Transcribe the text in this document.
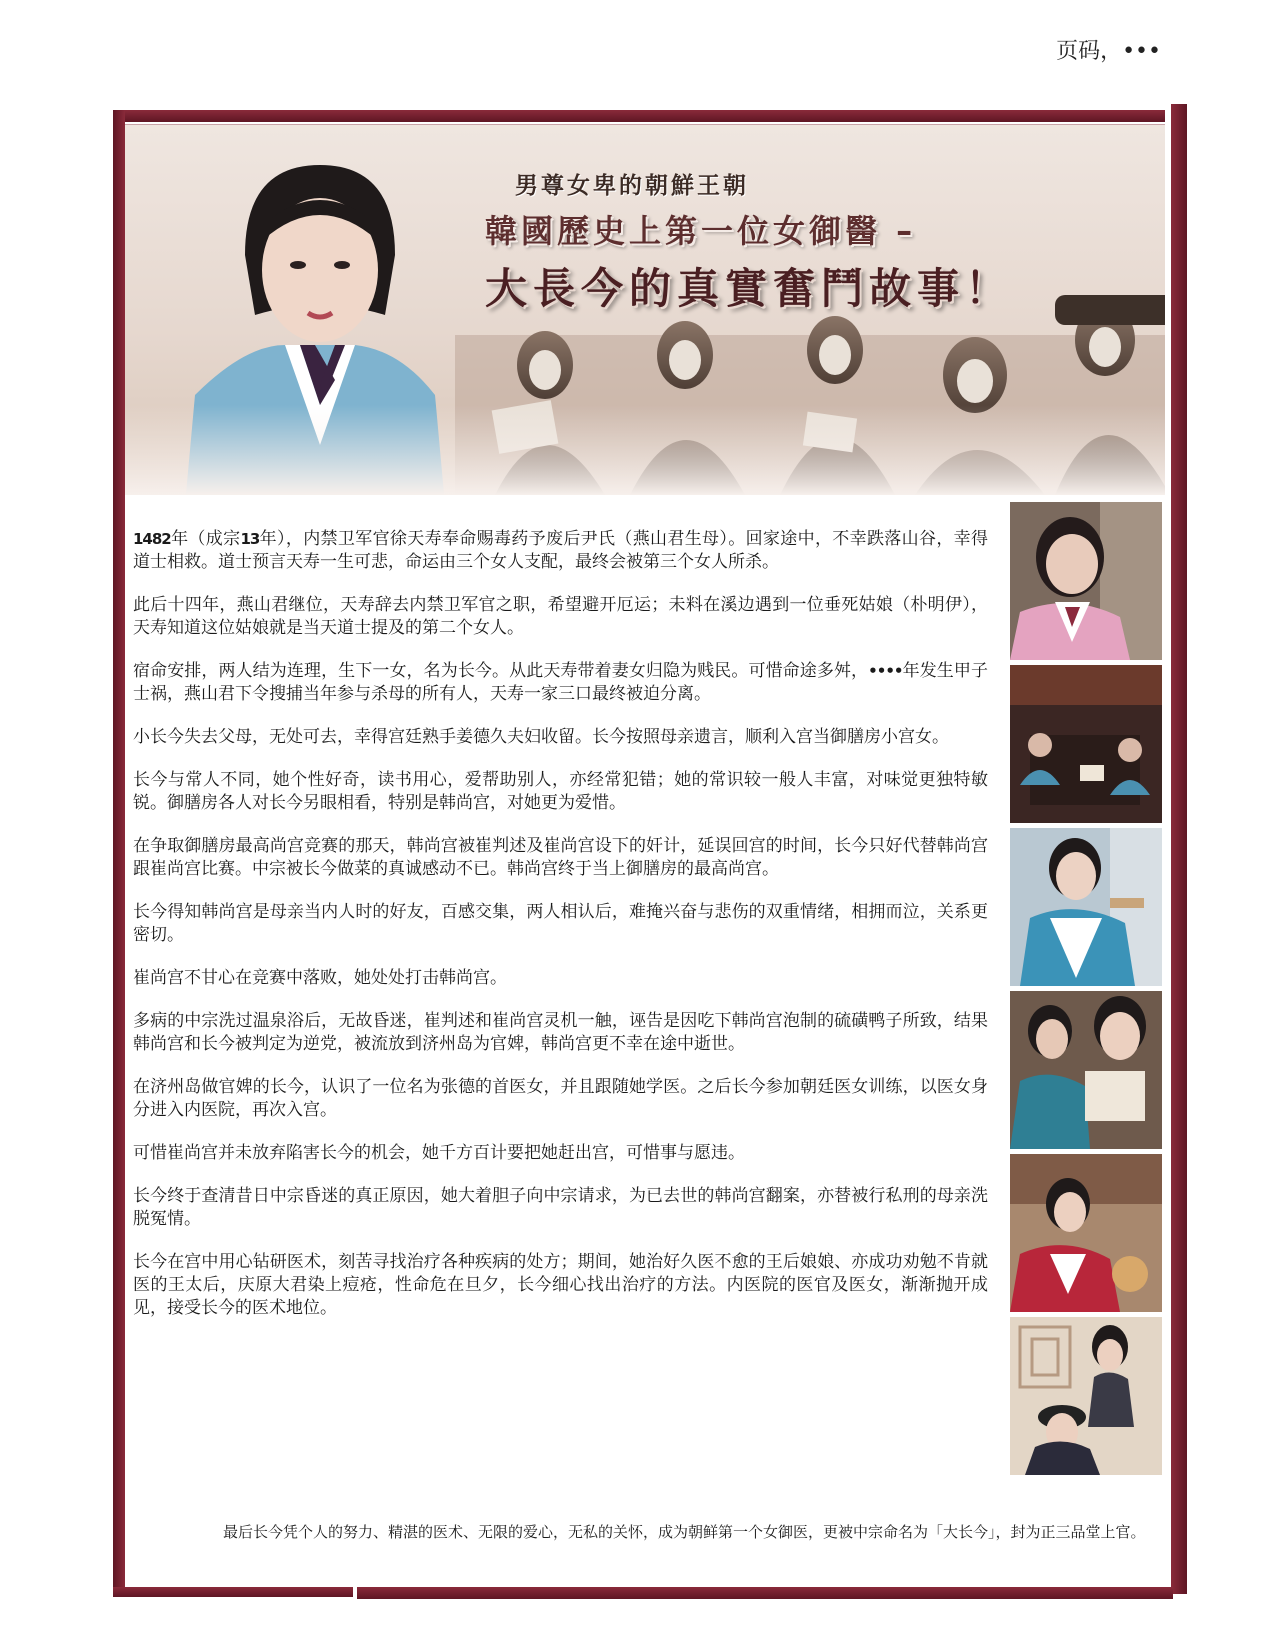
页码，•••
男尊女卑的朝鮮王朝
韓國歷史上第一位女御醫 –
大長今的真實奮鬥故事！

1482年（成宗13年），内禁卫军官徐天寿奉命赐毒药予废后尹氏（燕山君生母）。回家途中，不幸跌落山谷，幸得道士相救。道士预言天寿一生可悲，命运由三个女人支配，最终会被第三个女人所杀。

此后十四年，燕山君继位，天寿辞去内禁卫军官之职，希望避开厄运；未料在溪边遇到一位垂死姑娘（朴明伊），天寿知道这位姑娘就是当天道士提及的第二个女人。

宿命安排，两人结为连理，生下一女，名为长今。从此天寿带着妻女归隐为贱民。可惜命途多舛，••••年发生甲子士祸，燕山君下令搜捕当年参与杀母的所有人，天寿一家三口最终被迫分离。

小长今失去父母，无处可去，幸得宫廷熟手姜德久夫妇收留。长今按照母亲遗言，顺利入宫当御膳房小宫女。

长今与常人不同，她个性好奇，读书用心，爱帮助别人，亦经常犯错；她的常识较一般人丰富，对味觉更独特敏锐。御膳房各人对长今另眼相看，特别是韩尚宫，对她更为爱惜。

在争取御膳房最高尚宫竞赛的那天，韩尚宫被崔判述及崔尚宫设下的奸计，延误回宫的时间，长今只好代替韩尚宫跟崔尚宫比赛。中宗被长今做菜的真诚感动不已。韩尚宫终于当上御膳房的最高尚宫。

长今得知韩尚宫是母亲当内人时的好友，百感交集，两人相认后，难掩兴奋与悲伤的双重情绪，相拥而泣，关系更密切。

崔尚宫不甘心在竞赛中落败，她处处打击韩尚宫。

多病的中宗洗过温泉浴后，无故昏迷，崔判述和崔尚宫灵机一触，诬告是因吃下韩尚宫泡制的硫磺鸭子所致，结果韩尚宫和长今被判定为逆党，被流放到济州岛为官婢，韩尚宫更不幸在途中逝世。

在济州岛做官婢的长今，认识了一位名为张德的首医女，并且跟随她学医。之后长今参加朝廷医女训练，以医女身分进入内医院，再次入宫。

可惜崔尚宫并未放弃陷害长今的机会，她千方百计要把她赶出宫，可惜事与愿违。

长今终于查清昔日中宗昏迷的真正原因，她大着胆子向中宗请求，为已去世的韩尚宫翻案，亦替被行私刑的母亲洗脱冤情。

长今在宫中用心钻研医术，刻苦寻找治疗各种疾病的处方；期间，她治好久医不愈的王后娘娘、亦成功劝勉不肯就医的王太后，庆原大君染上痘疮，性命危在旦夕，长今细心找出治疗的方法。内医院的医官及医女，渐渐抛开成见，接受长今的医术地位。

最后长今凭个人的努力、精湛的医术、无限的爱心，无私的关怀，成为朝鲜第一个女御医，更被中宗命名为「大长今」，封为正三品堂上官。
